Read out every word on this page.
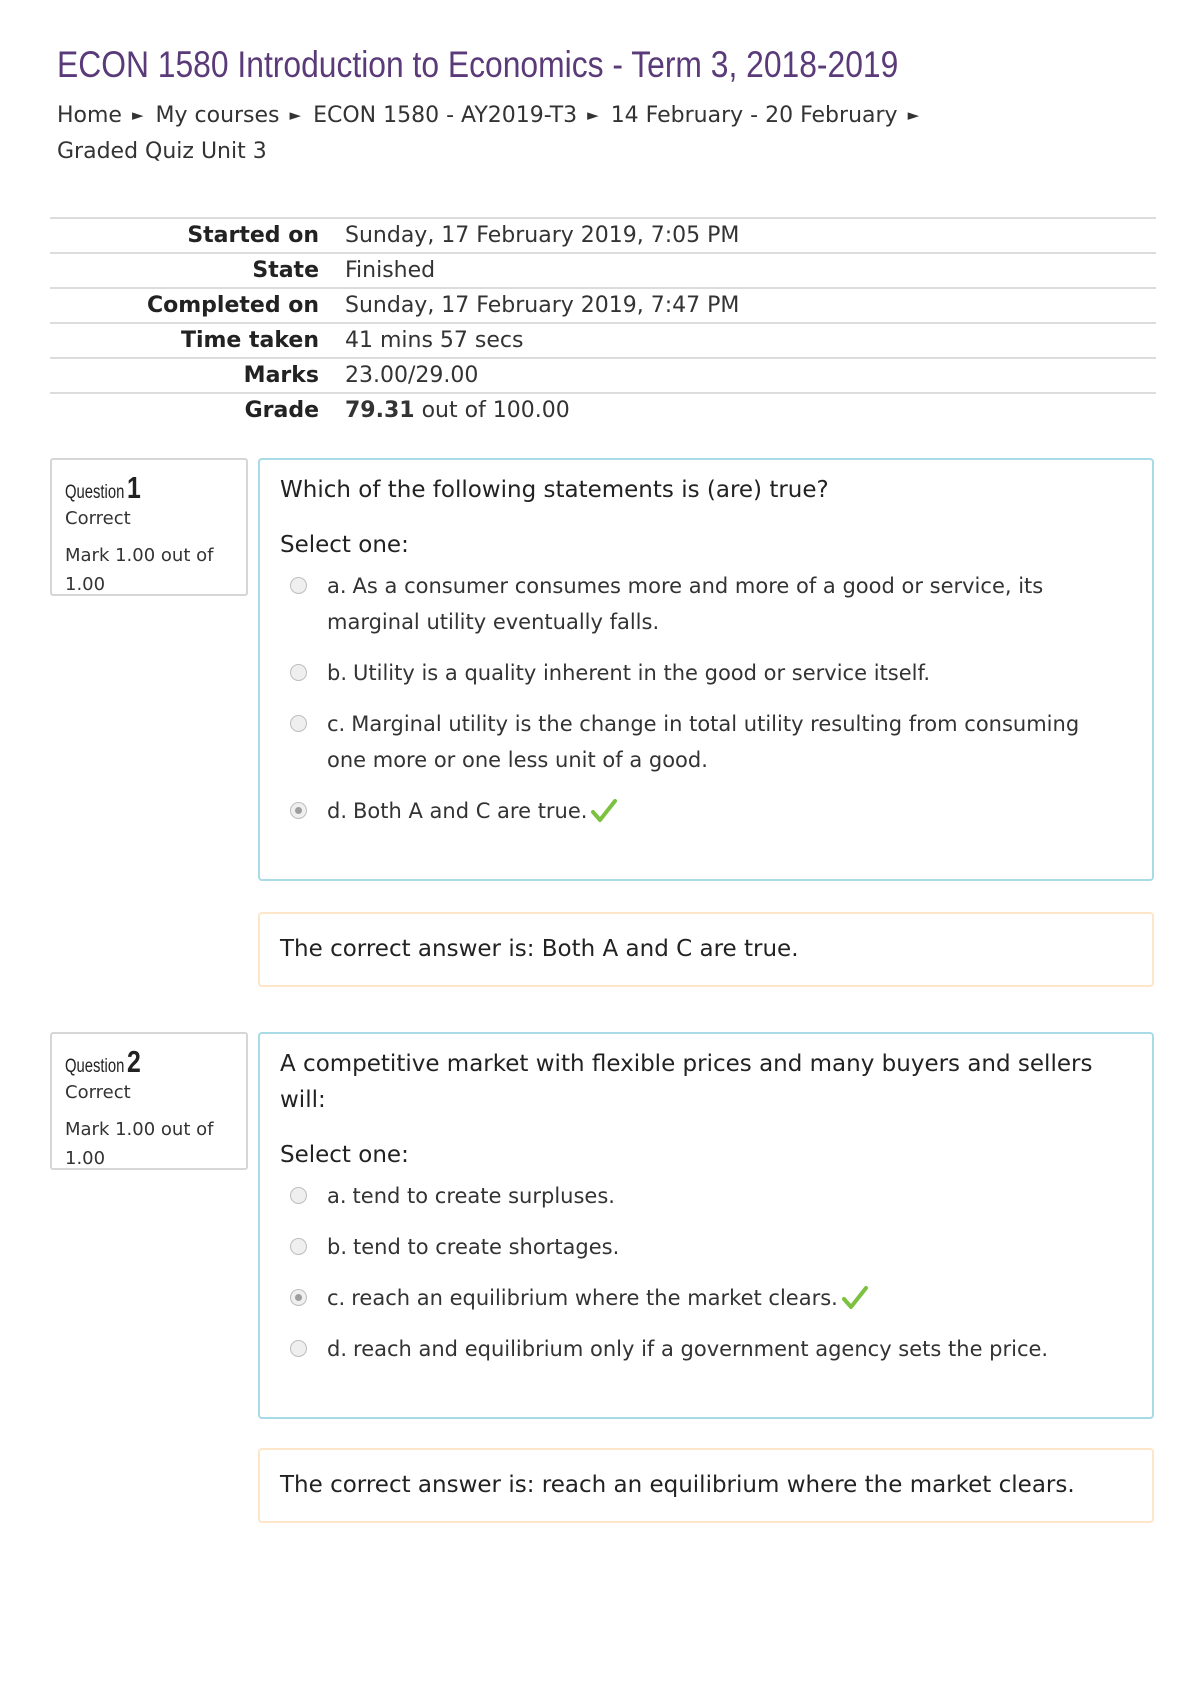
ECON 1580 Introduction to Economics - Term 3, 2018-2019
Home ► My courses ► ECON 1580 - AY2019-T3 ► 14 February - 20 February ►
Graded Quiz Unit 3
Started on	Sunday, 17 February 2019, 7:05 PM
State	Finished
Completed on	Sunday, 17 February 2019, 7:47 PM
Time taken	41 mins 57 secs
Marks	23.00/29.00
Grade	79.31 out of 100.00
Question 1
Correct
Mark 1.00 out of 1.00
Which of the following statements is (are) true?
Select one:
a. As a consumer consumes more and more of a good or service, its marginal utility eventually falls.
b. Utility is a quality inherent in the good or service itself.
c. Marginal utility is the change in total utility resulting from consuming one more or one less unit of a good.
d. Both A and C are true.
The correct answer is: Both A and C are true.
Question 2
Correct
Mark 1.00 out of 1.00
A competitive market with flexible prices and many buyers and sellers will:
Select one:
a. tend to create surpluses.
b. tend to create shortages.
c. reach an equilibrium where the market clears.
d. reach and equilibrium only if a government agency sets the price.
The correct answer is: reach an equilibrium where the market clears.
